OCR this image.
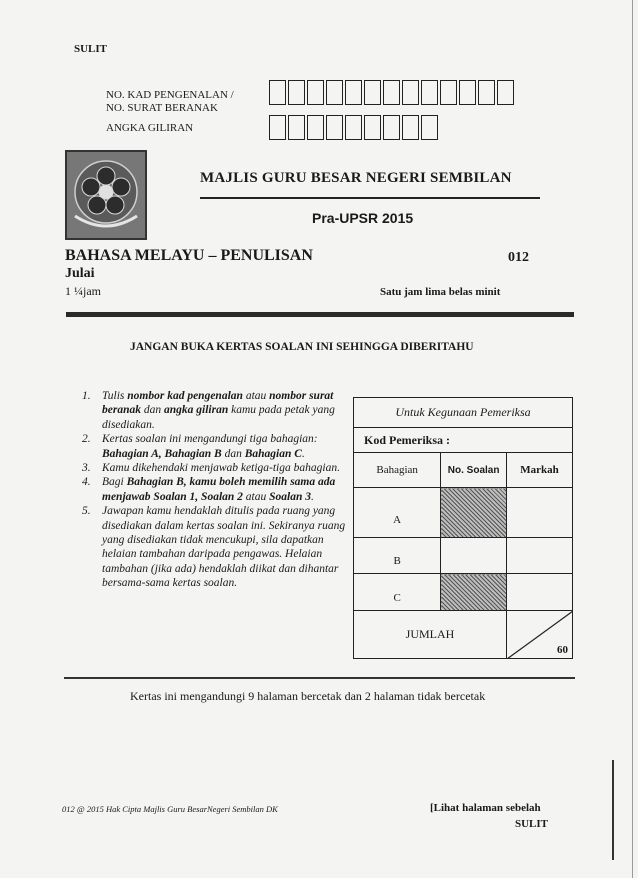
SULIT
NO. KAD PENGENALAN /
NO. SURAT BERANAK
ANGKA GILIRAN
MAJLIS GURU BESAR NEGERI SEMBILAN
Pra-UPSR 2015
BAHASA MELAYU – PENULISAN	012
Julai
1 ¼jam	Satu jam lima belas minit
JANGAN BUKA KERTAS SOALAN INI SEHINGGA DIBERITAHU
1. Tulis nombor kad pengenalan atau nombor surat beranak dan angka giliran kamu pada petak yang disediakan.
2. Kertas soalan ini mengandungi tiga bahagian: Bahagian A, Bahagian B dan Bahagian C.
3. Kamu dikehendaki menjawab ketiga-tiga bahagian.
4. Bagi Bahagian B, kamu boleh memilih sama ada menjawab Soalan 1, Soalan 2 atau Soalan 3.
5. Jawapan kamu hendaklah ditulis pada ruang yang disediakan dalam kertas soalan ini. Sekiranya ruang yang disediakan tidak mencukupi, sila dapatkan helaian tambahan daripada pengawas. Helaian tambahan (jika ada) hendaklah diikat dan dihantar bersama-sama kertas soalan.
Untuk Kegunaan Pemeriksa		
Kod Pemeriksa :		
Bahagian	No. Soalan	Markah
A		
B		
C		
JUMLAH		60
Kertas ini mengandungi 9 halaman bercetak dan 2 halaman tidak bercetak
012 @ 2015 Hak Cipta Majlis Guru BesarNegeri Sembilan DK	[Lihat halaman sebelah
SULIT
